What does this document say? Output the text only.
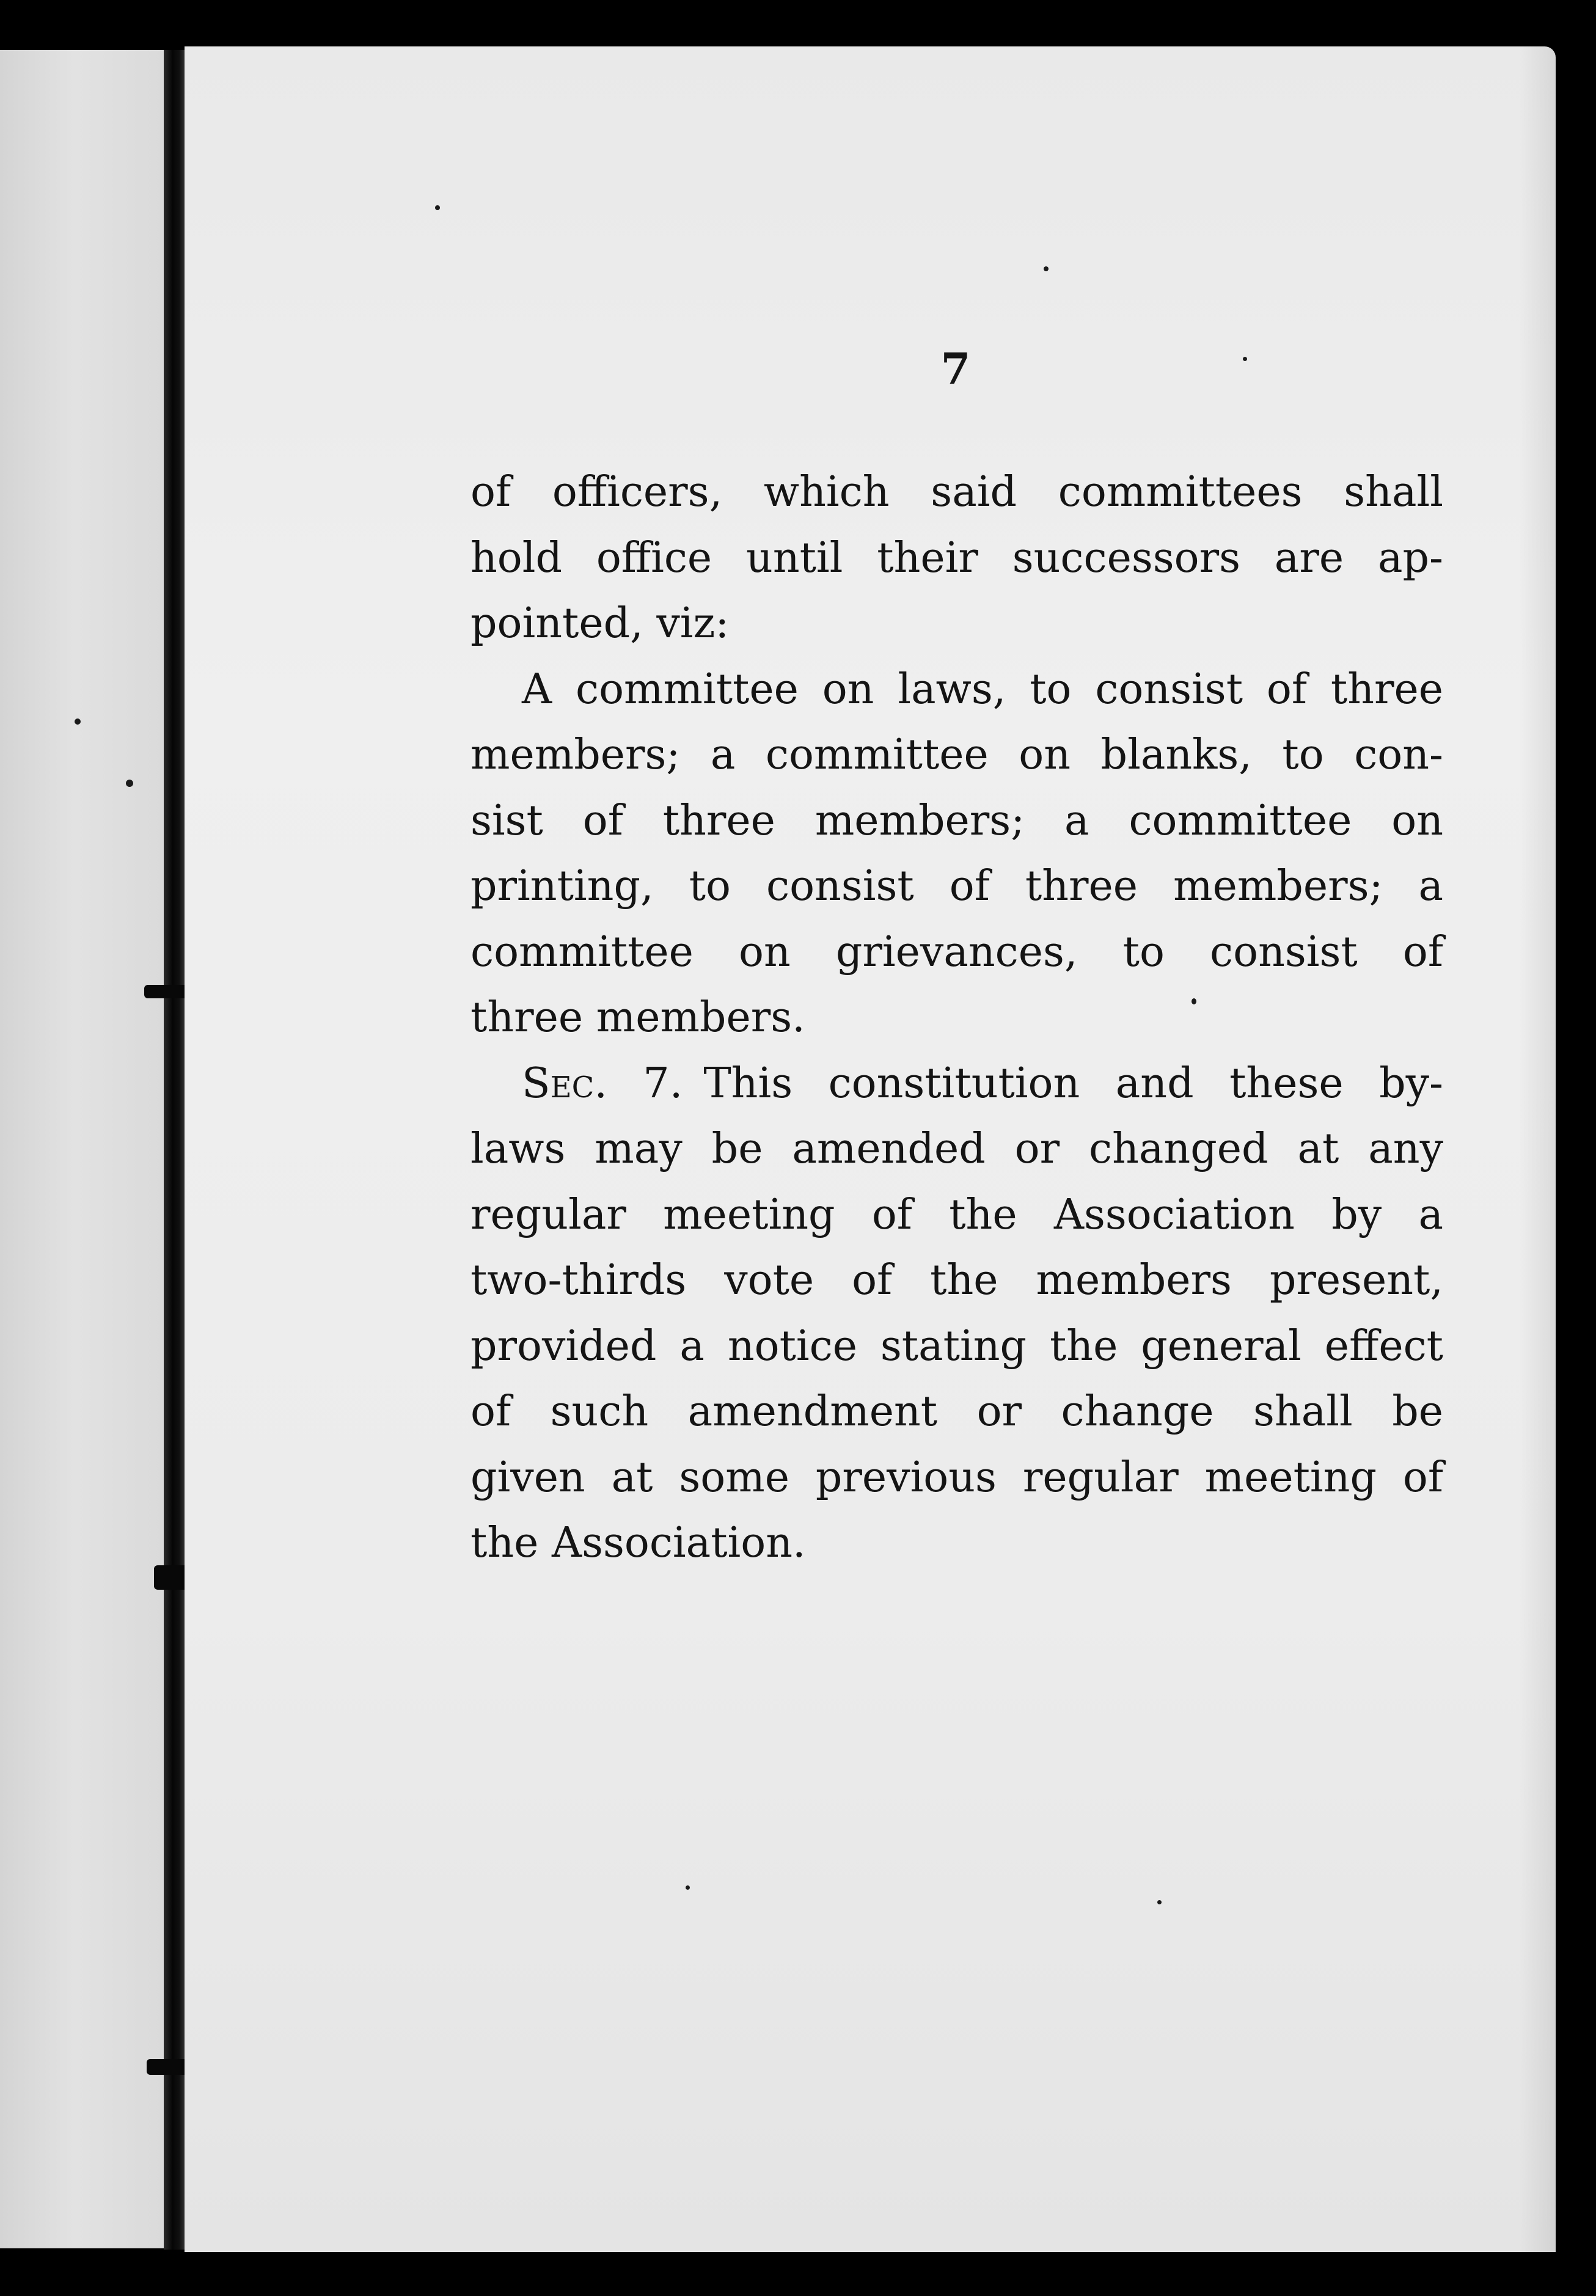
7
of officers, which said committees shall
hold office until their successors are ap-
pointed, viz:
A committee on laws, to consist of three
members; a committee on blanks, to con-
sist of three members; a committee on
printing, to consist of three members; a
committee on grievances, to consist of
three members.
Sec. 7.  This constitution and these by-
laws may be amended or changed at any
regular meeting of the Association by a
two-thirds vote of the members present,
provided a notice stating the general effect
of such amendment or change shall be
given at some previous regular meeting of
the Association.
